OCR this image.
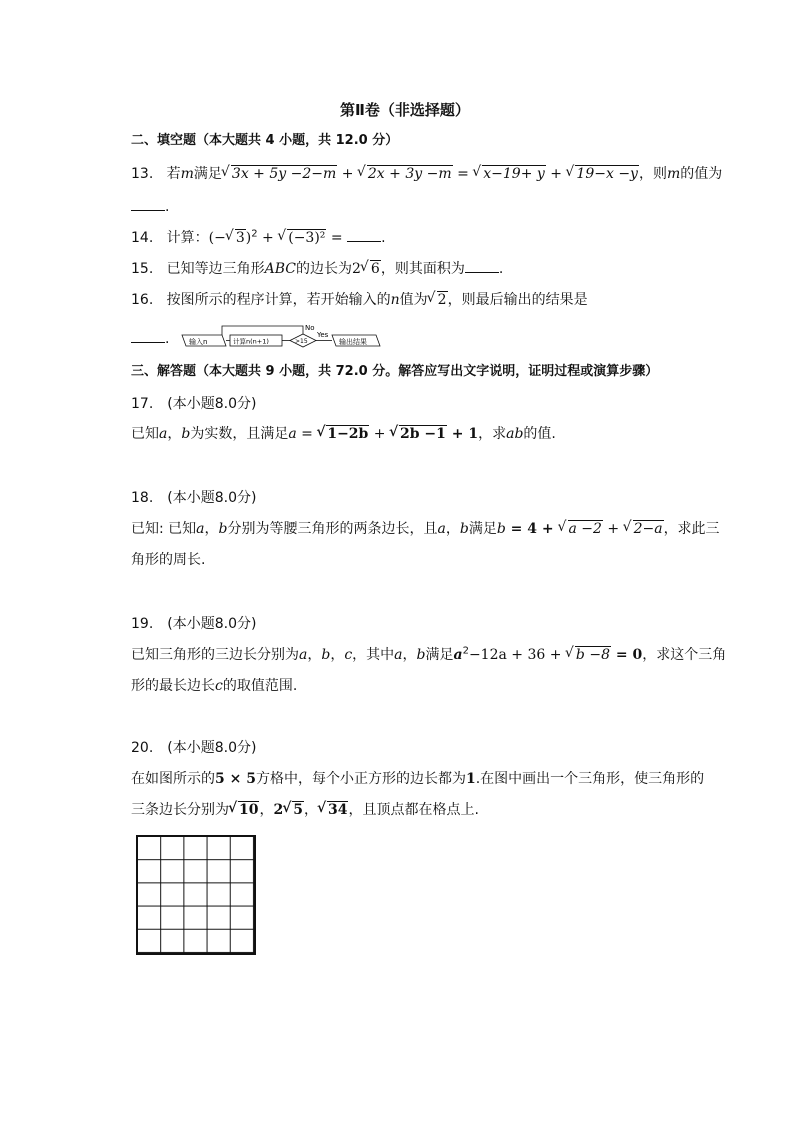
第Ⅱ卷（非选择题）
二、填空题（本大题共 4 小题，共 12.0 分）
13. 若m满足 √ 3x + 5y −2−m + √ 2x + 3y −m = √ x−19+ y + √ 19−x −y，则m的值为
.
14. 计算：(− √ 3)$^2$ + √ (−3)² = .
15. 已知等边三角形ABC的边长为2 √ 6，则其面积为 .
16. 按图所示的程序计算，若开始输入的n值为 √ 2，则最后输出的结果是
.	输入n	计算n(n+1)	>15
No
Yes
输出结果
三、解答题（本大题共 9 小题，共 72.0 分。解答应写出文字说明，证明过程或演算步骤）
17.　(本小题8.0分)
已知a，b为实数，且满足a = √ 1−2b + √ 2b −1 + 1，求ab的值.
18.　(本小题8.0分)
已知: 已知a，b分别为等腰三角形的两条边长，且a，b满足b = 4 + √ a −2 + √ 2−a，求此三
角形的周长.
19.　(本小题8.0分)
已知三角形的三边长分别为a，b，c，其中a，b满足$a^2-12a + 36$ + √ b −8 = 0，求这个三角
形的最长边长c的取值范围.
20.　(本小题8.0分)
在如图所示的5 × 5方格中，每个小正方形的边长都为1.在图中画出一个三角形，使三角形的
三条边长分别为 √ 10，2 √ 5， √ 34，且顶点都在格点上.
